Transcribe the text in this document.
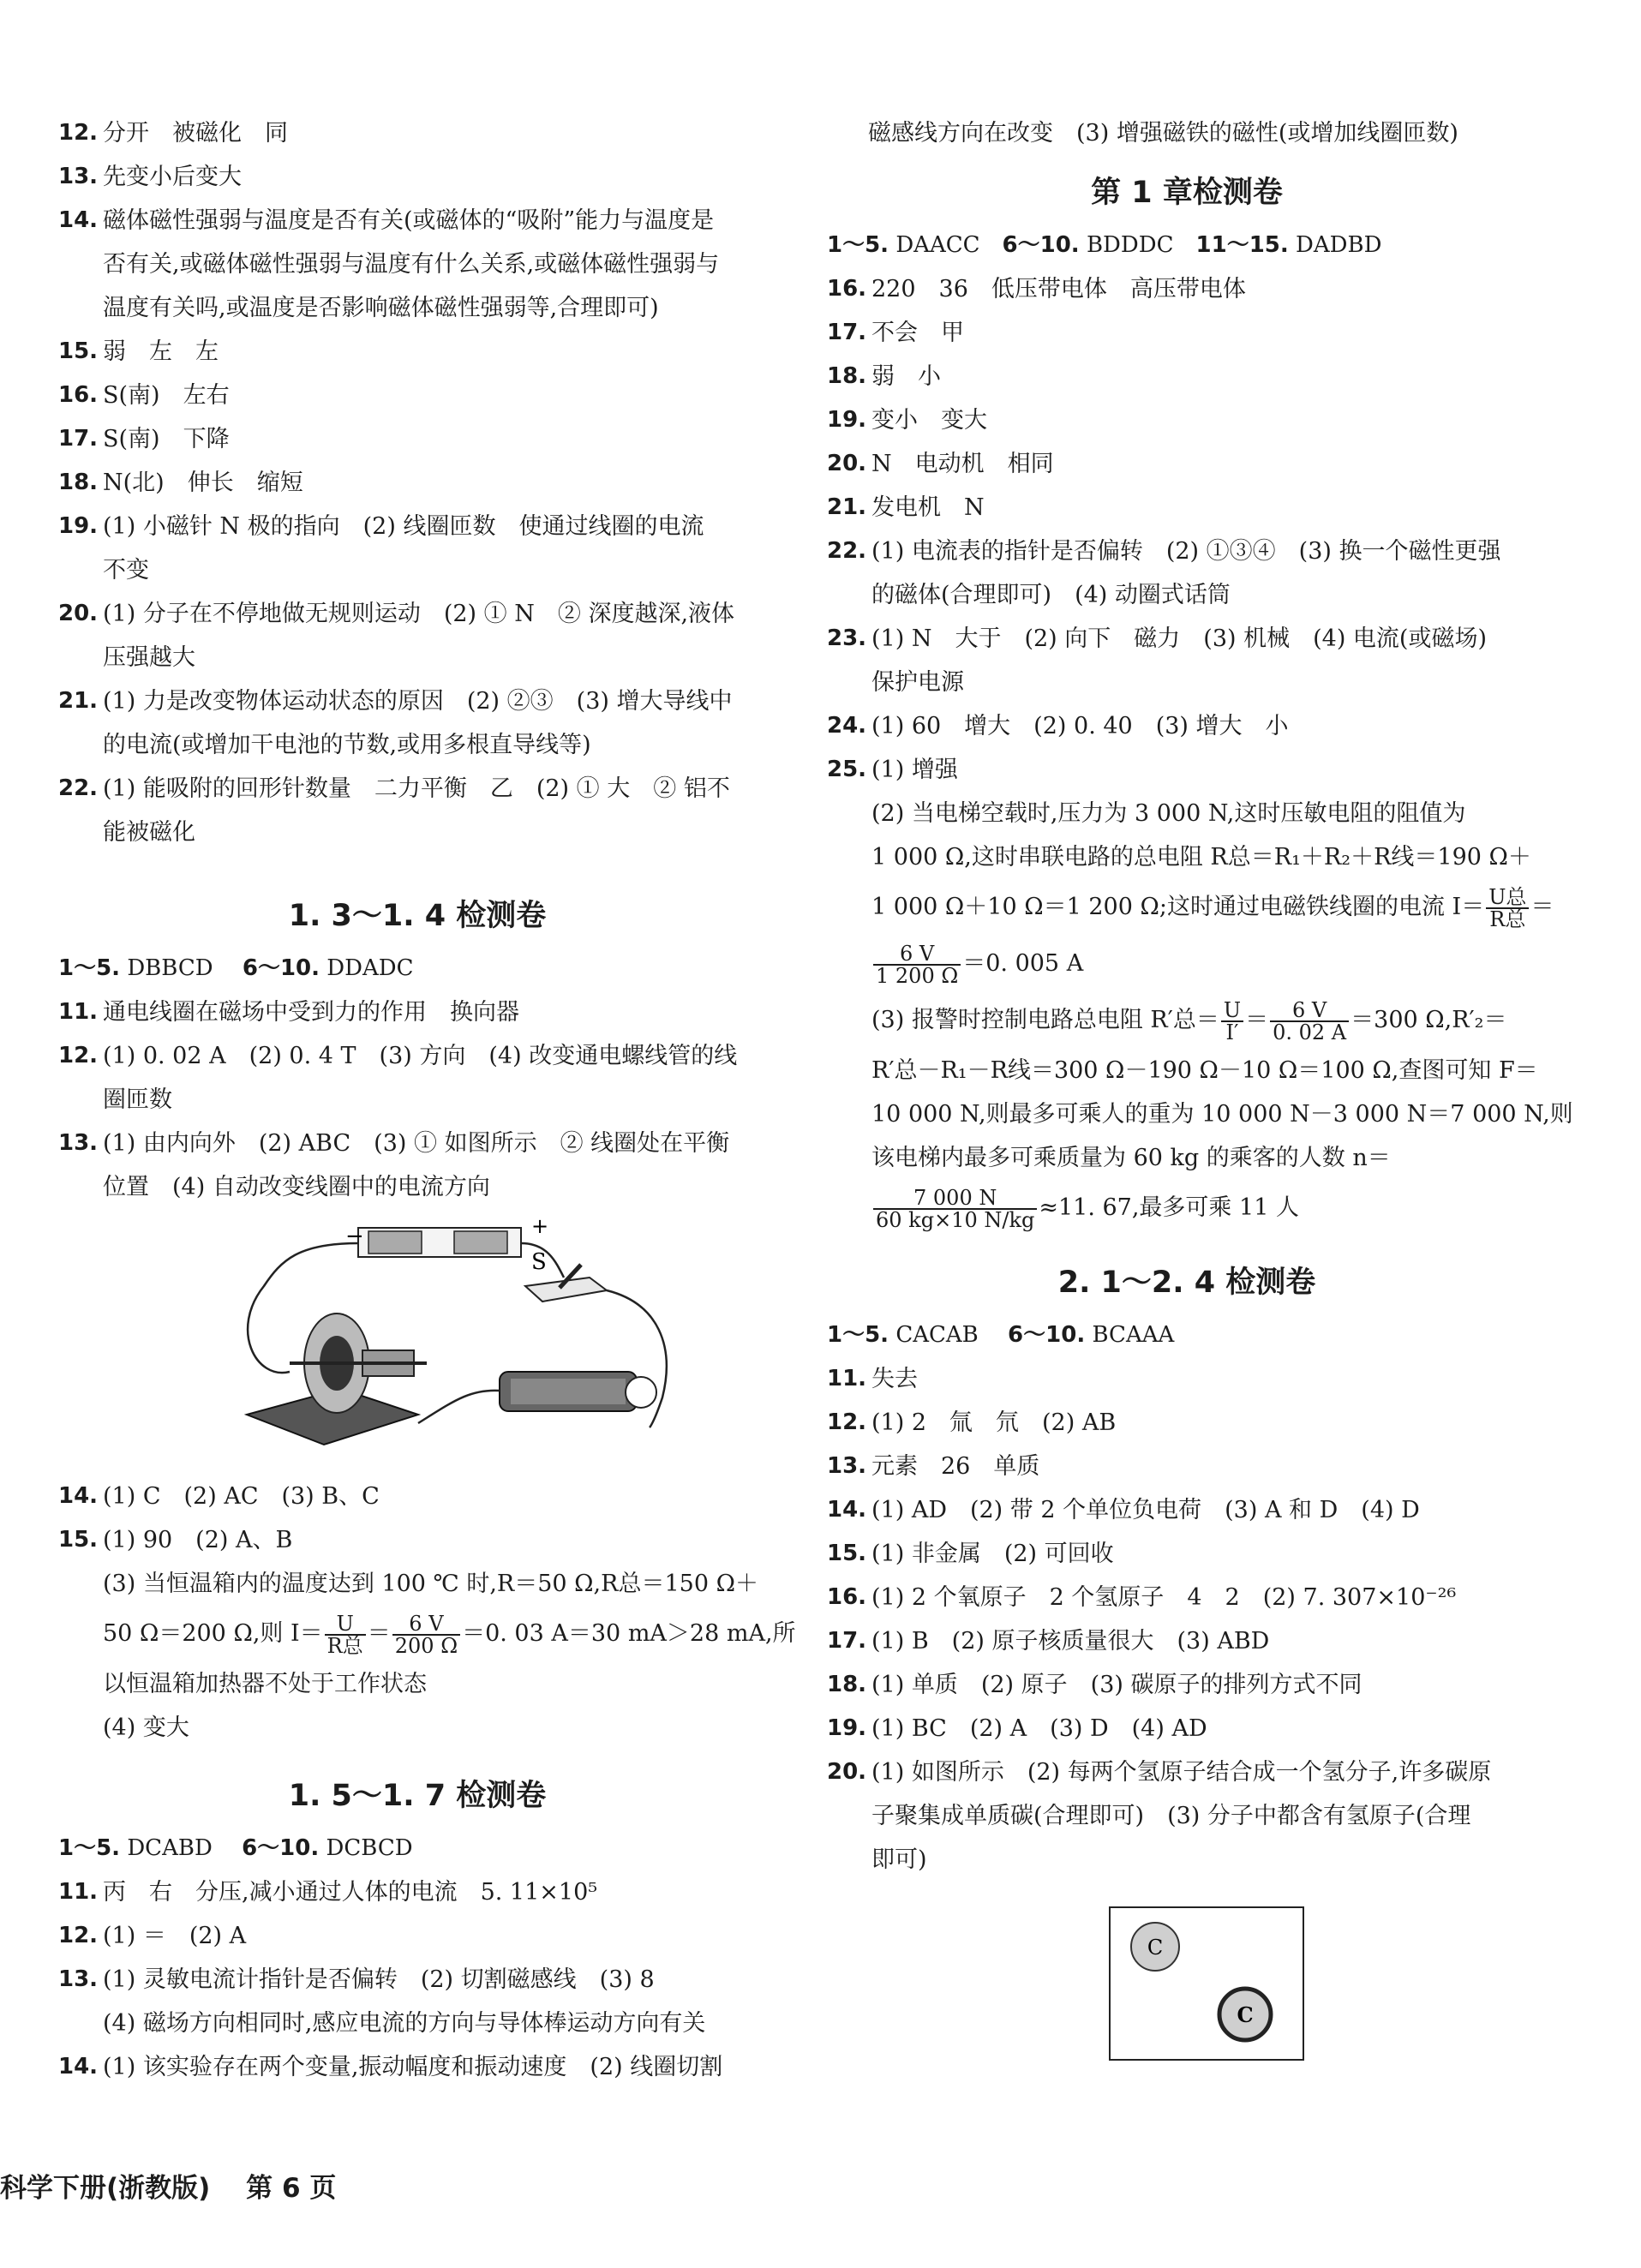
12. 分开　被磁化　同
13. 先变小后变大
14. 磁体磁性强弱与温度是否有关(或磁体的“吸附”能力与温度是
否有关,或磁体磁性强弱与温度有什么关系,或磁体磁性强弱与
温度有关吗,或温度是否影响磁体磁性强弱等,合理即可)
15. 弱　左　左
16. S(南)　左右
17. S(南)　下降
18. N(北)　伸长　缩短
19. (1) 小磁针 N 极的指向　(2) 线圈匝数　使通过线圈的电流
不变
20. (1) 分子在不停地做无规则运动　(2) ① N　② 深度越深,液体
压强越大
21. (1) 力是改变物体运动状态的原因　(2) ②③　(3) 增大导线中
的电流(或增加干电池的节数,或用多根直导线等)
22. (1) 能吸附的回形针数量　二力平衡　乙　(2) ① 大　② 铝不
能被磁化
1. 3～1. 4 检测卷
1～5. DBBCD　 6～10. DDADC
11. 通电线圈在磁场中受到力的作用　换向器
12. (1) 0. 02 A　(2) 0. 4 T　(3) 方向　(4) 改变通电螺线管的线
圈匝数
13. (1) 由内向外　(2) ABC　(3) ① 如图所示　② 线圈处在平衡
位置　(4) 自动改变线圈中的电流方向
−	+
S
14. (1) C　(2) AC　(3) B、C
15. (1) 90　(2) A、B
(3) 当恒温箱内的温度达到 100 ℃ 时,R＝50 Ω,R总＝150 Ω＋
50 Ω＝200 Ω,则 $I= \frac{U}{\text{R总}} = \frac{6 V}{200 \Omega} =0$. 03 A＝30 mA＞28 mA,所
以恒温箱加热器不处于工作状态
(4) 变大
1. 5～1. 7 检测卷
1～5. DCABD　 6～10. DCBCD
11. 丙　右　分压,减小通过人体的电流　5. 11×10⁵
12. (1) ＝　(2) A
13. (1) 灵敏电流计指针是否偏转　(2) 切割磁感线　(3) 8
(4) 磁场方向相同时,感应电流的方向与导体棒运动方向有关
14. (1) 该实验存在两个变量,振动幅度和振动速度　(2) 线圈切割
磁感线方向在改变　(3) 增强磁铁的磁性(或增加线圈匝数)
第 1 章检测卷
1～5. DAACC　 6～10. BDDDC　 11～15. DADBD　
16. 220　36　低压带电体　高压带电体
17. 不会　甲
18. 弱　小
19. 变小　变大
20. N　电动机　相同
21. 发电机　N
22. (1) 电流表的指针是否偏转　(2) ①③④　(3) 换一个磁性更强
的磁体(合理即可)　(4) 动圈式话筒
23. (1) N　大于　(2) 向下　磁力　(3) 机械　(4) 电流(或磁场)
保护电源
24. (1) 60　增大　(2) 0. 40　(3) 增大　小
25. (1) 增强
(2) 当电梯空载时,压力为 3 000 N,这时压敏电阻的阻值为
1 000 Ω,这时串联电路的总电阻 R总＝R₁＋R₂＋R线＝190 Ω＋
1 000 Ω＋10 Ω＝1 200 Ω;这时通过电磁铁线圈的电流 $I= \frac{\text{U总}}{\text{R总}}$ ＝
$\frac{6 V}{1 200 \Omega} =0$. 005 A
(3) 报警时控制电路总电阻 R′总＝ $\frac{U}{I'} = \frac{6 V}{0. 02 A} =300$ Ω,R′₂＝
R′总－R₁－R线＝300 Ω－190 Ω－10 Ω＝100 Ω,查图可知 F＝
10 000 N,则最多可乘人的重为 10 000 N－3 000 N＝7 000 N,则
该电梯内最多可乘质量为 60 kg 的乘客的人数 n＝
$\frac{7 000 N}{60 kg\times 10 N/kg} \approx 11$. 67,最多可乘 11 人
2. 1～2. 4 检测卷
1～5. CACAB　 6～10. BCAAA
11. 失去
12. (1) 2　氚　氘　(2) AB
13. 元素　26　单质
14. (1) AD　(2) 带 2 个单位负电荷　(3) A 和 D　(4) D
15. (1) 非金属　(2) 可回收
16. (1) 2 个氧原子　2 个氢原子　4　2　(2) 7. 307×10⁻²⁶
17. (1) B　(2) 原子核质量很大　(3) ABD
18. (1) 单质　(2) 原子　(3) 碳原子的排列方式不同
19. (1) BC　(2) A　(3) D　(4) AD
20. (1) 如图所示　(2) 每两个氢原子结合成一个氢分子,许多碳原
子聚集成单质碳(合理即可)　(3) 分子中都含有氢原子(合理
即可)
C
C
科学下册(浙教版)　 第 6 页
